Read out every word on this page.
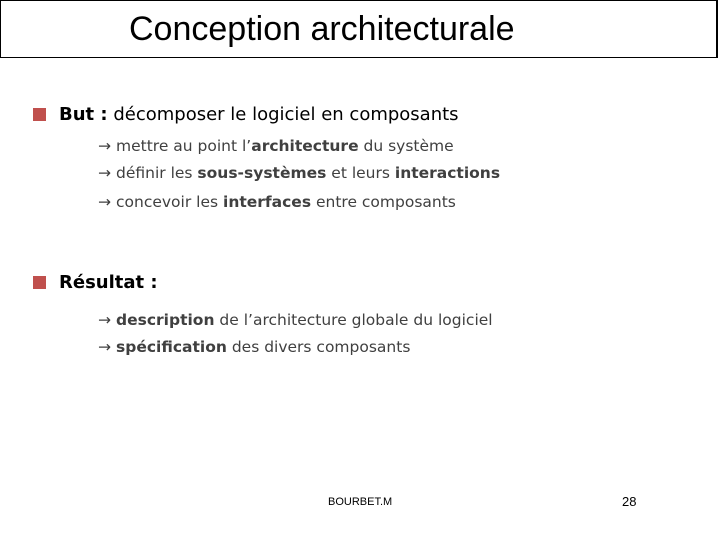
Conception architecturale
But : décomposer le logiciel en composants
→ mettre au point l’architecture du système
→ définir les sous-systèmes et leurs interactions
→ concevoir les interfaces entre composants
Résultat :
→ description de l’architecture globale du logiciel
→ spécification des divers composants
BOURBET.M	28
